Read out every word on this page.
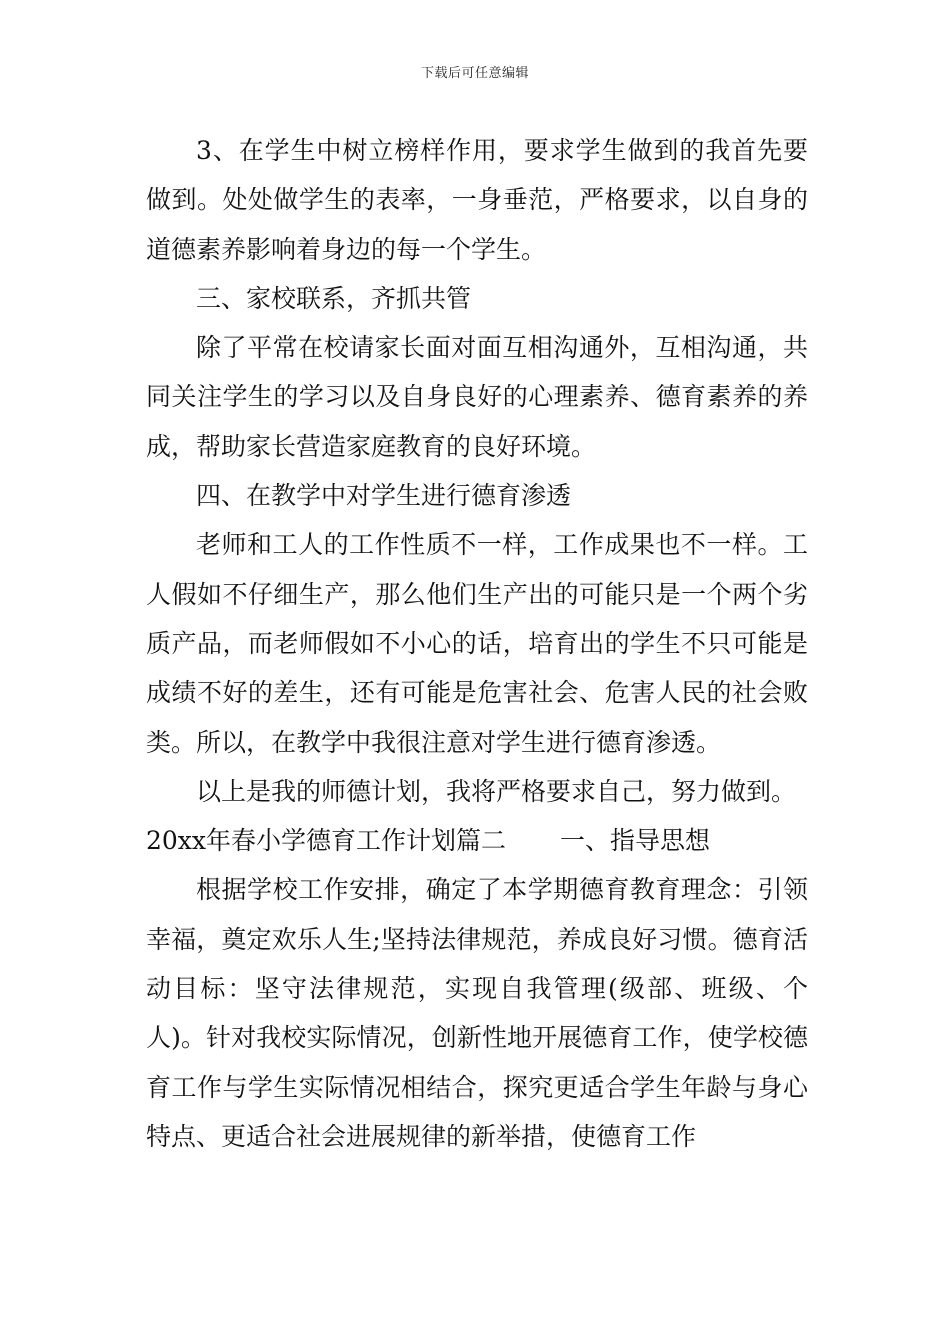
下载后可任意编辑

3、在学生中树立榜样作用，要求学生做到的我首先要做到。处处做学生的表率，一身垂范，严格要求，以自身的道德素养影响着身边的每一个学生。

三、家校联系，齐抓共管

除了平常在校请家长面对面互相沟通外，互相沟通，共同关注学生的学习以及自身良好的心理素养、德育素养的养成，帮助家长营造家庭教育的良好环境。

四、在教学中对学生进行德育渗透

老师和工人的工作性质不一样，工作成果也不一样。工人假如不仔细生产，那么他们生产出的可能只是一个两个劣质产品，而老师假如不小心的话，培育出的学生不只可能是成绩不好的差生，还有可能是危害社会、危害人民的社会败类。所以，在教学中我很注意对学生进行德育渗透。

以上是我的师德计划，我将严格要求自己，努力做到。

20xx年春小学德育工作计划篇二 一、指导思想

根据学校工作安排，确定了本学期德育教育理念：引领幸福，奠定欢乐人生;坚持法律规范，养成良好习惯。德育活动目标：坚守法律规范，实现自我管理(级部、班级、个人)。针对我校实际情况，创新性地开展德育工作，使学校德育工作与学生实际情况相结合，探究更适合学生年龄与身心特点、更适合社会进展规律的新举措，使德育工作
